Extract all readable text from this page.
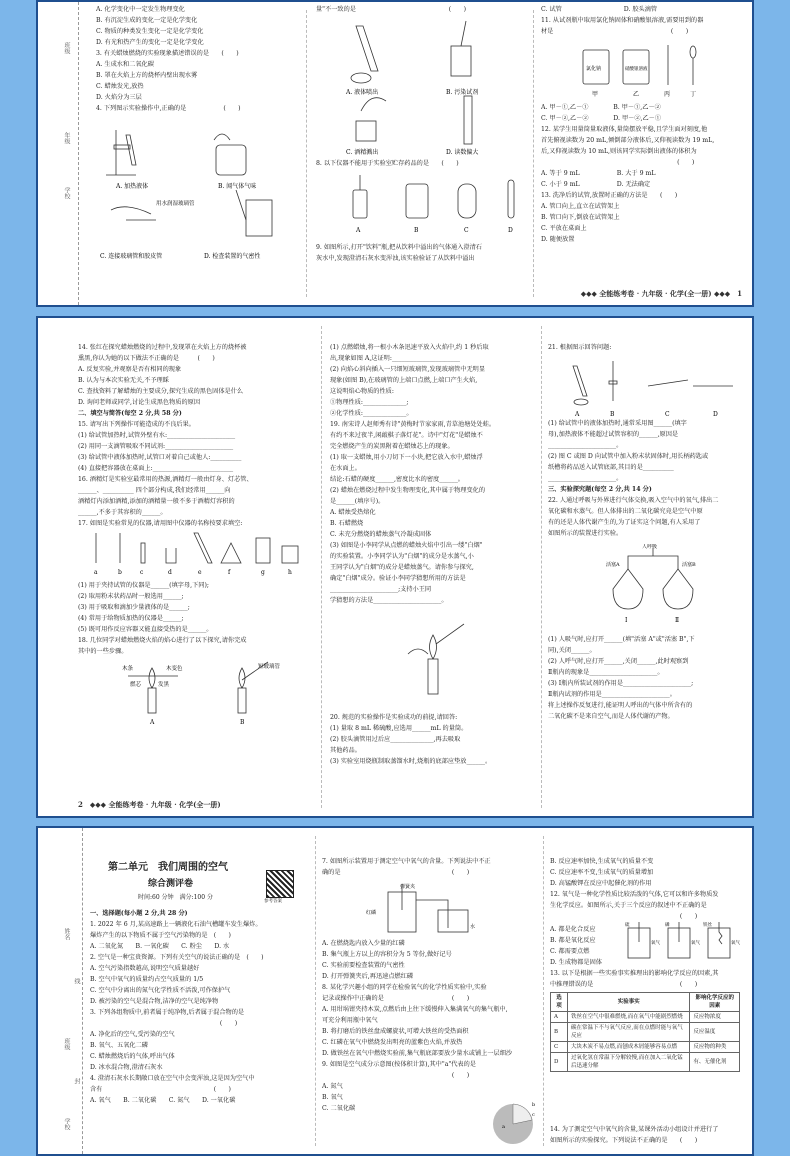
班级
年级
学校
A. 化学变化中一定发生物理变化
B. 有沉淀生成的变化一定是化学变化
C. 物质的种类发生变化一定是化学变化
D. 有光和热产生的变化一定是化学变化
3. 有关蜡烛燃烧的实验现象描述错误的是　　(　　)
A. 生成水和二氧化碳
B. 罩在火焰上方的烧杯内壁出现水雾
C. 蜡烛发光,放热
D. 火焰分为三层
4. 下列图示实验操作中,正确的是　　　　　　(　　)
A. 加热液体	B. 闻气体气味
用水润湿玻璃管
C. 连接玻璃管和胶皮管	D. 检查装置的气密性
量"不一致的是　　　　　　　　　　　　　　　(　　)
A. 液体喷出	B. 污染试剂
C. 酒精溅出	D. 读数偏大
8. 以下仪器不能用于实验室贮存药品的是　　(　　)
A	B	C	D
9. 如图所示,打开"饮料"瓶,把从饮料中溢出的气体通入澄清石
灰水中,发现澄清石灰水变浑浊,该实验验证了从饮料中溢出
C. 试管　　　　　　　　　　D. 胶头滴管
11. 从试剂瓶中取用氯化钠固体和硝酸银溶液,需要用到的器
材是　　　　　　　　　　　　　　　　　　　(　　)
氯化钠	硝酸银溶液
甲	乙	丙	丁
A. 甲－①,乙－①　　　　B. 甲－①,乙－②
C. 甲－②,乙－②　　　　D. 甲－②,乙－①
12. 某学生用量筒量取液体,量筒摆放平稳,且学生面对刻度,他
首先俯视读数为 20 mL,倾倒部分液体后,又仰视读数为 19 mL,
后,又仰视读数为 10 mL,则该同学实际倒出液体的体积为
　　　　　　　　　　　　　　　　　　　　　　(　　)
A. 等于 9 mL　　　　　　B. 大于 9 mL
C. 小于 9 mL　　　　　　D. 无法确定
13. 洗净后的试管,放置时正确的方法是　　(　　)
A. 管口向上,直立在试管架上
B. 管口向下,倒放在试管架上
C. 平放在桌面上
D. 随便放置
◆◆◆ 全能练考卷 · 九年级 · 化学(全一册) ◆◆◆　1
14. 张红在探究蜡烛燃烧的过程中,发现罩在火焰上方的烧杯被
熏黑,你认为她的以下做法不正确的是　　　(　　)
A. 反复实验,并观察是否有相同的现象
B. 认为与本次实验无关,不予理睬
C. 查找资料了解蜡烛的主要成分,探究生成的黑色固体是什么
D. 询问老师或同学,讨论生成黑色物质的原因
二、填空与简答(每空 2 分,共 58 分)
15. 请写出下列操作可能造成的不良后果。
(1) 给试管加热时,试管外壁有水:______________________
(2) 用同一支滴管吸取不同试剂:______________________
(3) 给试管中液体加热时,试管口对着自己或他人:__________
(4) 直接把容器放在桌面上:__________________________
16. 酒精灯是实验室最常用的热源,酒精灯一般由灯身、灯芯管、
______、__________ 四个部分构成,我们经常用______向
酒精灯内添加酒精,添加的酒精量一般不多于酒精灯容积的
______,不多于其容积的______。
17. 如图是实验常见的仪器,请用图中仪器的名称按要求填空:
a	b	c	d	e	f	g	h
(1) 用于夹持试管的仪器是______(填字母,下同);
(2) 取用粉末状药品时一般选用______;
(3) 用于吸取和滴加少量液体的是______;
(4) 常用于给物质加热的仪器是______;
(5) 既可用作反应容器又能直接受热的是______。
18. 几位同学对蜡烛燃烧火焰的焰心进行了以下探究,请你完成
其中的一些步骤。
木条	木变色
燃芯	发黑
短玻璃管
A	B
(1) 点燃蜡烛,将一根小木条迅速平放入火焰中,约 1 秒后取
出,现象如图 A,这证明:______________________
(2) 向焰心斜向插入一只细短玻璃管,发现玻璃管中无明显
现象(如图 B),在玻璃管的上端口点燃,上端口产生火焰,
这说明焰心物质的性质:
①物理性质:______________;
②化学性质:______________。
19. 南宋诗人赵师秀有诗"黄梅时节家家雨,青草池塘处处蛙。
有约不来过夜半,闲敲棋子落灯花"。诗中"灯花"是蜡烛不
完全燃烧产生的炭黑附着在蜡烛芯上的现象。
(1) 取一支蜡烛,用小刀切下一小块,把它放入水中,蜡烛浮
在水面上。
结论:石蜡的硬度______,密度比水的密度______。
(2) 蜡烛在燃烧过程中发生物理变化,其中属于物理变化的
是______(填序号)。
A. 蜡烛受热熔化
B. 石蜡燃烧
C. 未充分燃烧的蜡烛蒸气冷凝成固体
(3) 如图是小李同学从点燃的蜡烛火焰中引出一缕"白烟"
的实验装置。小李同学认为"白烟"的成分是水蒸气,小
王同学认为"白烟"的成分是蜡烛蒸气。请你参与探究,
确定"白烟"成分。验证小李同学猜想所用的方法是
______________________;支持小王同
学猜想的方法是______________________。
20. 规范的实验操作是实验成功的前提,请回答:
(1) 量取 8 mL 稀硫酸,应选用______mL 的量筒。
(2) 胶头滴管用过后应______________,再去吸取
其他药品。
(3) 实验室用烧瓶制取蒸馏水时,烧瓶的底部应垫放______。
21. 根据图示回答问题:
A	B	C	D
(1) 给试管中的液体加热时,通常采用图______(填字
母),加热液体不能超过试管容积的______,原因是
______________________。
(2) 图 C 或图 D 向试管中加入粉末状固体时,用长柄药匙或
纸槽将药品送入试管底部,其目的是__________
______________________。
三、实验探究题(每空 2 分,共 14 分)
22. 人通过呼吸与外界进行气体交换,吸入空气中的氧气,排出二
氧化碳和水蒸气。但人体排出的二氧化碳究竟是空气中原
有的还是人体代谢产生的,为了证实这个问题,有人采用了
如图所示的装置进行实验。
人呼吸
活塞A	活塞B
Ⅰ	Ⅱ
(1) 人吸气时,应打开______(填"活塞 A"或"活塞 B",下
同),关闭______。
(2) 人呼气时,应打开______,关闭______,此时观察到
Ⅱ瓶内的现象是______________________。
(3) Ⅰ瓶内所装试剂的作用是______________________;
Ⅱ瓶内试剂的作用是______________________。
将上述操作反复进行,能证明人呼出的气体中所含有的
二氧化碳不是来自空气,而是人体代谢的产物。
2　◆◆◆ 全能练考卷 · 九年级 · 化学(全一册)
姓名
班级
学校
线
封
第二单元　我们周围的空气
综合测评卷
时间:60 分钟　满分:100 分
参考答案
一、选择题(每小题 2 分,共 28 分)
1. 2022 年 6 月,某高速路上一辆液化石油气槽罐车发生爆炸。
爆炸产生的以下物质不属于空气污染物的是　(　　)
A. 二氧化氮　　B. 一氧化碳　　C. 粉尘　　D. 水
2. 空气是一种宝贵资源。下列有关空气的说法正确的是　(　　)
A. 空气污染指数越高,说明空气质量越好
B. 空气中氧气的质量约占空气质量的 1/5
C. 空气中分离出的氮气化学性质不活泼,可作保护气
D. 被污染的空气是混合物,洁净的空气是纯净物
3. 下列各组物质中,前者属于纯净物,后者属于混合物的是
　　　　　　　　　　　　　　　　　　　　　(　　)
A. 净化后的空气,受污染的空气
B. 氧气、五氧化二磷
C. 蜡烛燃烧后的气体,呼出气体
D. 冰水混合物,澄清石灰水
4. 澄清石灰水长期敞口放在空气中会变浑浊,这是因为空气中
含有　　　　　　　　　　　　　　　　　　(　　)
A. 氧气　　B. 二氧化碳　　C. 氮气　　D. 一氧化碳
7. 如图所示装置用于测定空气中氧气的含量。下列说法中不正
确的是　　　　　　　　　　　　　　　　　　(　　)
弹簧夹
水
红磷
A. 在燃烧匙内放入少量的红磷
B. 集气瓶上方以上的容积分为 5 等份,做好记号
C. 实验前要检查装置的气密性
D. 打开弹簧夹后,再迅速点燃红磷
8. 某化学兴趣小组的同学在检验氧气的化学性质实验中,实验
记录或操作中正确的是　　　　　　　　　　　(　　)
A. 用坩埚钳夹持木炭,点燃后由上往下缓慢伸入集满氧气的集气瓶中,
可充分利用瓶中氧气
B. 将打磨后的铁丝盘成螺旋状,可增大铁丝的受热面积
C. 红磷在氧气中燃烧发出明亮的蓝紫色火焰,并放热
D. 做铁丝在氧气中燃烧实验前,集气瓶底部要放少量水或铺上一层细沙
9. 如图是空气成分示意图(按体积计算),其中"a"代表的是
　　　　　　　　　　　　　　　　　　　　　(　　)
A. 氮气
B. 氧气
C. 二氧化碳	b
c
a
B. 反应速率加快,生成氧气的质量不变
C. 反应速率不变,生成氧气的质量增加
D. 高锰酸钾在反应中起催化剂的作用
12. 氧气是一种化学性质比较活泼的气体,它可以和许多物质发
生化学反应。如图所示,关于三个反应的叙述中不正确的是
　　　　　　　　　　　　　　　　　　　　　(　　)
硫
氧气
磷
氧气
铁丝
氧气
A. 都是化合反应
B. 都是氧化反应
C. 都需要点燃
D. 生成物都是固体
13. 以下是根据一些实验事实推理出的影响化学反应的因素,其
中推理错误的是　　　　　　　　　　　　　　(　　)
选项	实验事实	影响化学反应的因素
A	铁丝在空气中很难燃烧,而在氧气中能剧烈燃烧	反应物浓度
B	碳在常温下不与氧气反应,而在点燃时能与氧气反应	反应温度
C	大块木炭不易点燃,而刨成木屑能够容易点燃	反应物的种类
D	过氧化氢在常温下分解较慢,而在加入二氧化锰后迅速分解	有、无催化剂
14. 为了测定空气中氧气的含量,某课外活动小组设计并进行了
如图所示的实验探究。下列说法不正确的是　　(　　)
